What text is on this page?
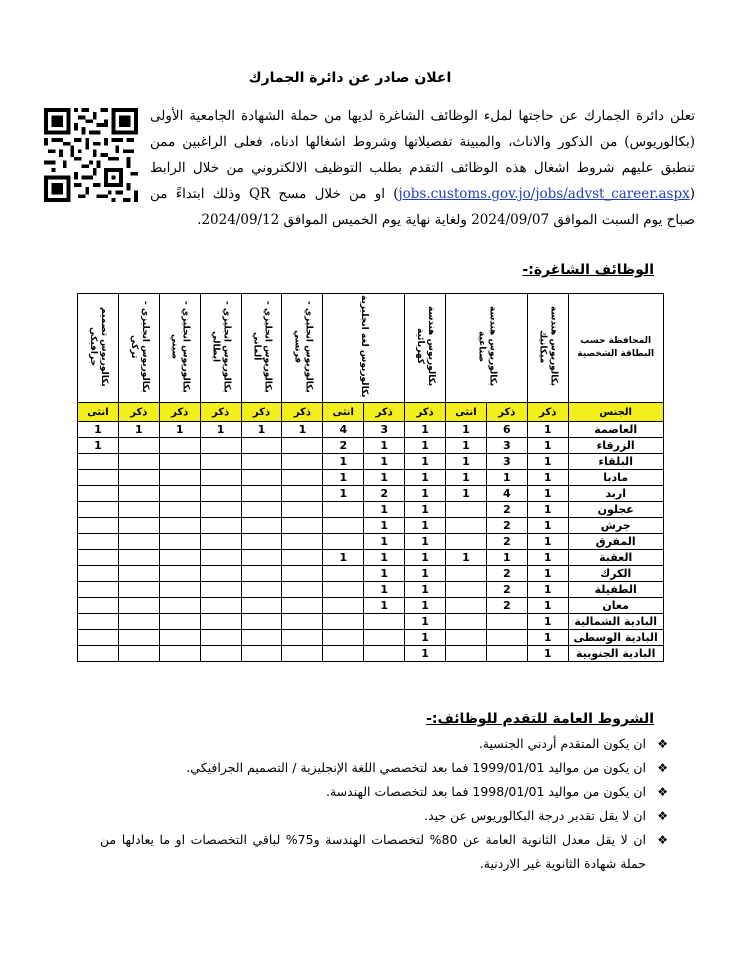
اعلان صادر عن دائرة الجمارك
تعلن دائرة الجمارك عن حاجتها لملء الوظائف الشاغرة لديها من حملة الشهادة الجامعية الأولى (بكالوريوس) من الذكور والاناث، والمبينة تفصيلاتها وشروط اشغالها ادناه، فعلى الراغبين ممن تنطبق عليهم شروط اشغال هذه الوظائف التقدم بطلب التوظيف الالكتروني من خلال الرابط (jobs.customs.gov.jo/jobs/advst_career.aspx) او من خلال مسح QR وذلك ابتداءً من صباح يوم السبت الموافق 2024/09/07 ولغاية نهاية يوم الخميس الموافق 2024/09/12.
الوظائف الشاغرة:-
المحافظة حسب البطاقة الشخصية	بكالوريوس هندسة ميكانيك	بكالوريوس هندسة صناعية		بكالوريوس هندسة كهربائية	بكالوريوس لغة انجليزية		بكالوريوس انجليزي - فرنسي	بكالوريوس انجليزي - ألماني	بكالوريوس انجليزي - ايطالي	بكالوريوس انجليزي - صيني	بكالوريوس انجليزي - تركي	بكالوريوس تصميم جرافيكي
الجنس	ذكر	ذكر	انثى	ذكر	ذكر	انثى	ذكر	ذكر	ذكر	ذكر	ذكر	انثى
العاصمة	1	6	1	1	3	4	1	1	1	1	1	1
الزرقاء	1	3	1	1	1	2						1
البلقاء	1	3	1	1	1	1						
مادبا	1	1	1	1	1	1						
اربد	1	4	1	1	2	1						
عجلون	1	2		1	1							
جرش	1	2		1	1							
المفرق	1	2		1	1							
العقبة	1	1	1	1	1	1						
الكرك	1	2		1	1							
الطفيلة	1	2		1	1							
معان	1	2		1	1							
البادية الشمالية	1			1								
البادية الوسطى	1			1								
البادية الجنوبية	1			1								
الشروط العامة للتقدم للوظائف:-
❖
ان يكون المتقدم أردني الجنسية.
❖
ان يكون من مواليد 1999/01/01 فما بعد لتخصصي اللغة الإنجليزية / التصميم الجرافيكي.
❖
ان يكون من مواليد 1998/01/01 فما بعد لتخصصات الهندسة.
❖
ان لا يقل تقدير درجة البكالوريوس عن جيد.
❖
ان لا يقل معدل الثانوية العامة عن 80% لتخصصات الهندسة و75% لباقي التخصصات او ما يعادلها من حملة شهادة الثانوية غير الاردنية.
